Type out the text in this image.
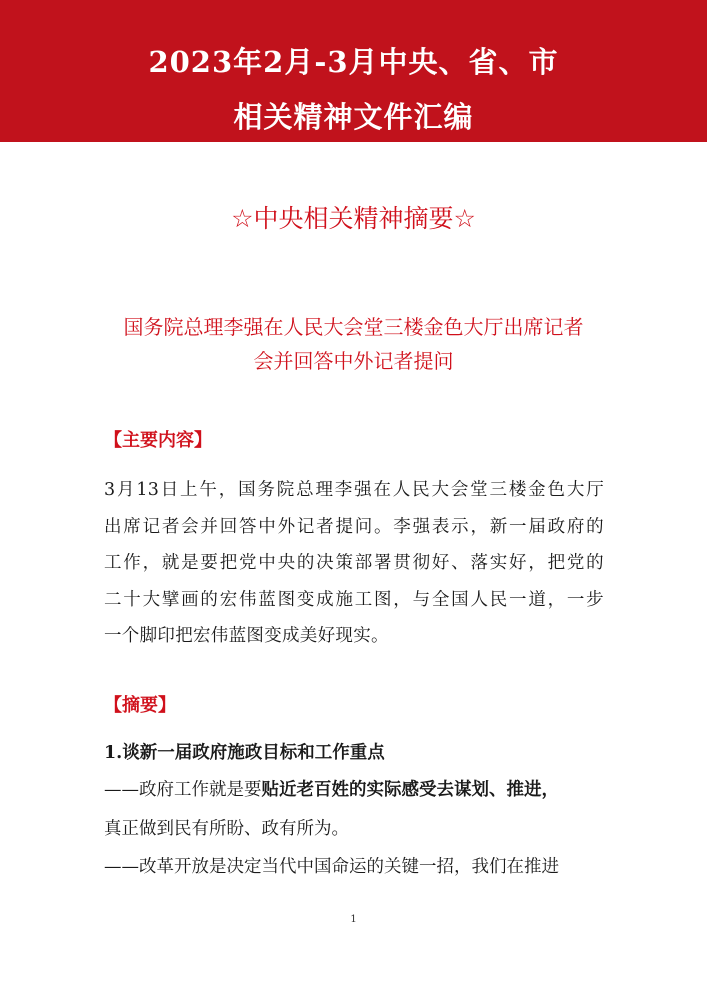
2023年2月-3月中央、省、市
相关精神文件汇编
☆中央相关精神摘要☆
国务院总理李强在人民大会堂三楼金色大厅出席记者
会并回答中外记者提问
【主要内容】
3月13日上午，国务院总理李强在人民大会堂三楼金色大厅
出席记者会并回答中外记者提问。李强表示，新一届政府的
工作，就是要把党中央的决策部署贯彻好、落实好，把党的
二十大擘画的宏伟蓝图变成施工图，与全国人民一道，一步
一个脚印把宏伟蓝图变成美好现实。
【摘要】
1.谈新一届政府施政目标和工作重点
——政府工作就是要贴近老百姓的实际感受去谋划、推进，
真正做到民有所盼、政有所为。
——改革开放是决定当代中国命运的关键一招，我们在推进
1
